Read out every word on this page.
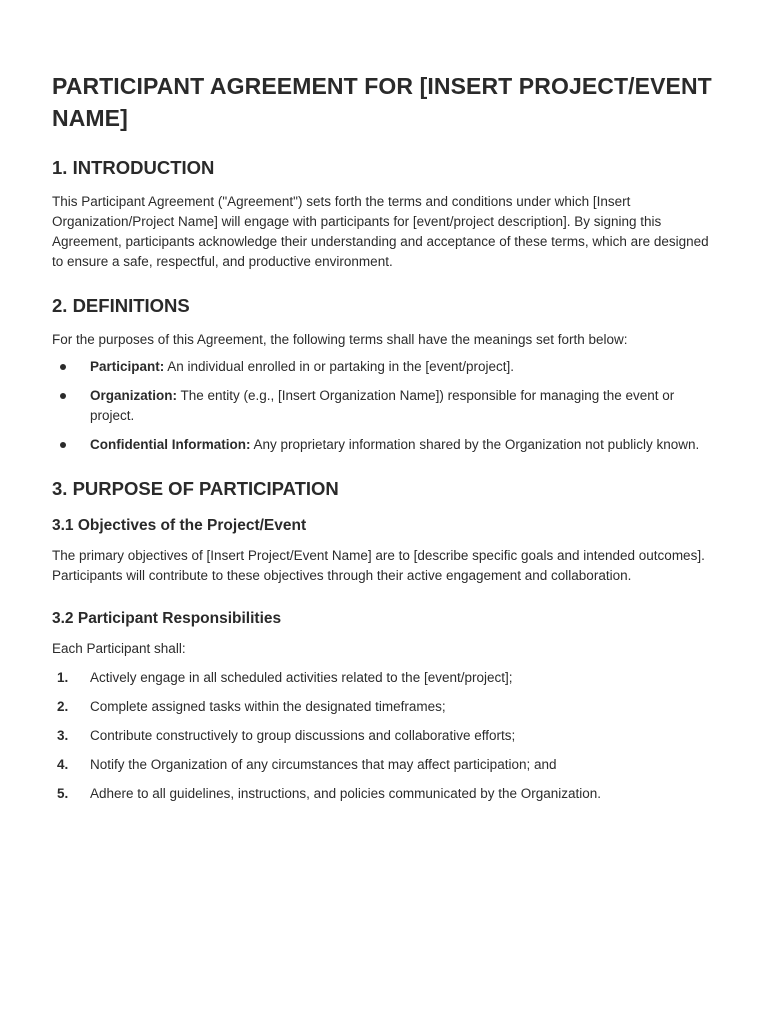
PARTICIPANT AGREEMENT FOR [INSERT PROJECT/EVENT NAME]
1. INTRODUCTION

This Participant Agreement ("Agreement") sets forth the terms and conditions under which [Insert Organization/Project Name] will engage with participants for [event/project description]. By signing this Agreement, participants acknowledge their understanding and acceptance of these terms, which are designed to ensure a safe, respectful, and productive environment.

2. DEFINITIONS

For the purposes of this Agreement, the following terms shall have the meanings set forth below:

Participant: An individual enrolled in or partaking in the [event/project].
Organization: The entity (e.g., [Insert Organization Name]) responsible for managing the event or project.
Confidential Information: Any proprietary information shared by the Organization not publicly known.
3. PURPOSE OF PARTICIPATION
3.1 Objectives of the Project/Event

The primary objectives of [Insert Project/Event Name] are to [describe specific goals and intended outcomes]. Participants will contribute to these objectives through their active engagement and collaboration.

3.2 Participant Responsibilities

Each Participant shall:

1. Actively engage in all scheduled activities related to the [event/project];
2. Complete assigned tasks within the designated timeframes;
3. Contribute constructively to group discussions and collaborative efforts;
4. Notify the Organization of any circumstances that may affect participation; and
5. Adhere to all guidelines, instructions, and policies communicated by the Organization.
